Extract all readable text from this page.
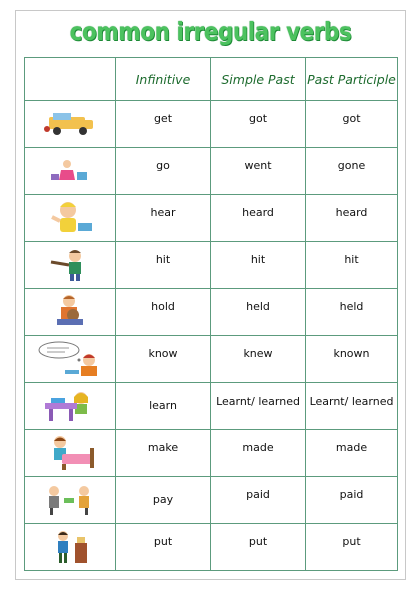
common irregular verbs
	Infinitive	Simple Past	Past Participle

	get	got	got

	go	went	gone

	hear	heard	heard

	hit	hit	hit

	hold	held	held

	know	knew	known

	learn	Learnt/ learned	Learnt/ learned

	make	made	made

	pay	paid	paid

	put	put	put
